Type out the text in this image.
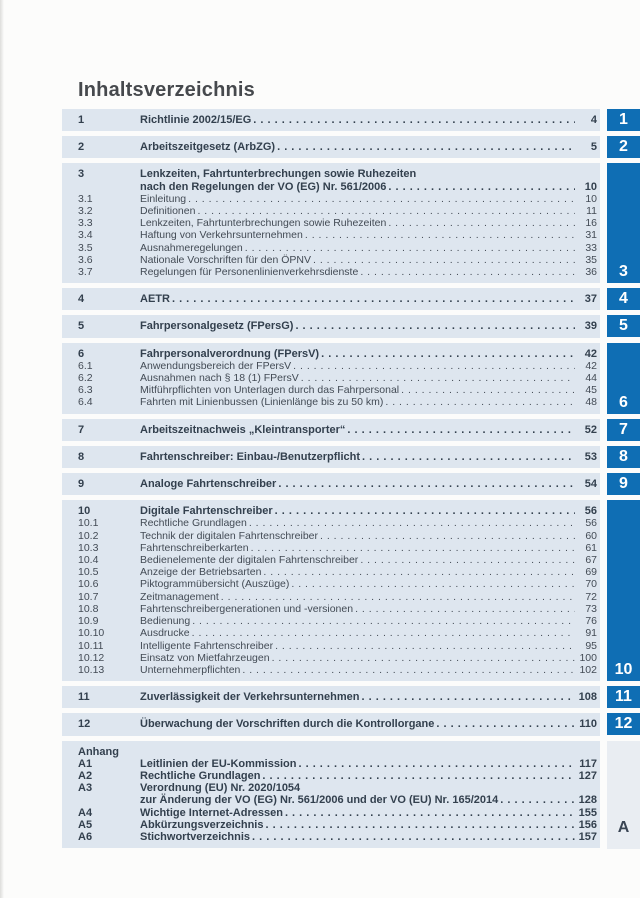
Inhaltsverzeichnis
1	Richtlinie 2002/15/EG . . .	4
2	Arbeitszeitgesetz (ArbZG) . . .	5
3	Lenkzeiten, Fahrtunterbrechungen sowie Ruhezeiten
nach den Regelungen der VO (EG) Nr. 561/2006 . . .	10
3.1	Einleitung . . .	10
3.2	Definitionen . . .	11
3.3	Lenkzeiten, Fahrtunterbrechungen sowie Ruhezeiten . . .	16
3.4	Haftung von Verkehrsunternehmen . . .	31
3.5	Ausnahmeregelungen . . .	33
3.6	Nationale Vorschriften für den ÖPNV . . .	35
3.7	Regelungen für Personenlinienverkehrsdienste . . .	36
4	AETR . . .	37
5	Fahrpersonalgesetz (FPersG) . . .	39
6	Fahrpersonalverordnung (FPersV) . . .	42
6.1	Anwendungsbereich der FPersV . . .	42
6.2	Ausnahmen nach § 18 (1) FPersV . . .	44
6.3	Mitführpflichten von Unterlagen durch das Fahrpersonal . . .	45
6.4	Fahrten mit Linienbussen (Linienlänge bis zu 50 km) . . .	48
7	Arbeitszeitnachweis „Kleintransporter“ . . .	52
8	Fahrtenschreiber: Einbau-/Benutzerpflicht . . .	53
9	Analoge Fahrtenschreiber . . .	54
10	Digitale Fahrtenschreiber . . .	56
10.1	Rechtliche Grundlagen . . .	56
10.2	Technik der digitalen Fahrtenschreiber . . .	60
10.3	Fahrtenschreiberkarten . . .	61
10.4	Bedienelemente der digitalen Fahrtenschreiber . . .	67
10.5	Anzeige der Betriebsarten . . .	69
10.6	Piktogrammübersicht (Auszüge) . . .	70
10.7	Zeitmanagement . . .	72
10.8	Fahrtenschreibergenerationen und -versionen . . .	73
10.9	Bedienung . . .	76
10.10	Ausdrucke . . .	91
10.11	Intelligente Fahrtenschreiber . . .	95
10.12	Einsatz von Mietfahrzeugen . . .	100
10.13	Unternehmerpflichten . . .	102
11	Zuverlässigkeit der Verkehrsunternehmen . . .	108
12	Überwachung der Vorschriften durch die Kontrollorgane . . .	110
Anhang
A1	Leitlinien der EU-Kommission . . .	117
A2	Rechtliche Grundlagen . . .	127
A3	Verordnung (EU) Nr. 2020/1054
zur Änderung der VO (EG) Nr. 561/2006 und der VO (EU) Nr. 165/2014 . . .	128
A4	Wichtige Internet-Adressen . . .	155
A5	Abkürzungsverzeichnis . . .	156
A6	Stichwortverzeichnis . . .	157
1
2
3
4
5
6
7
8
9
10
11
12
A
